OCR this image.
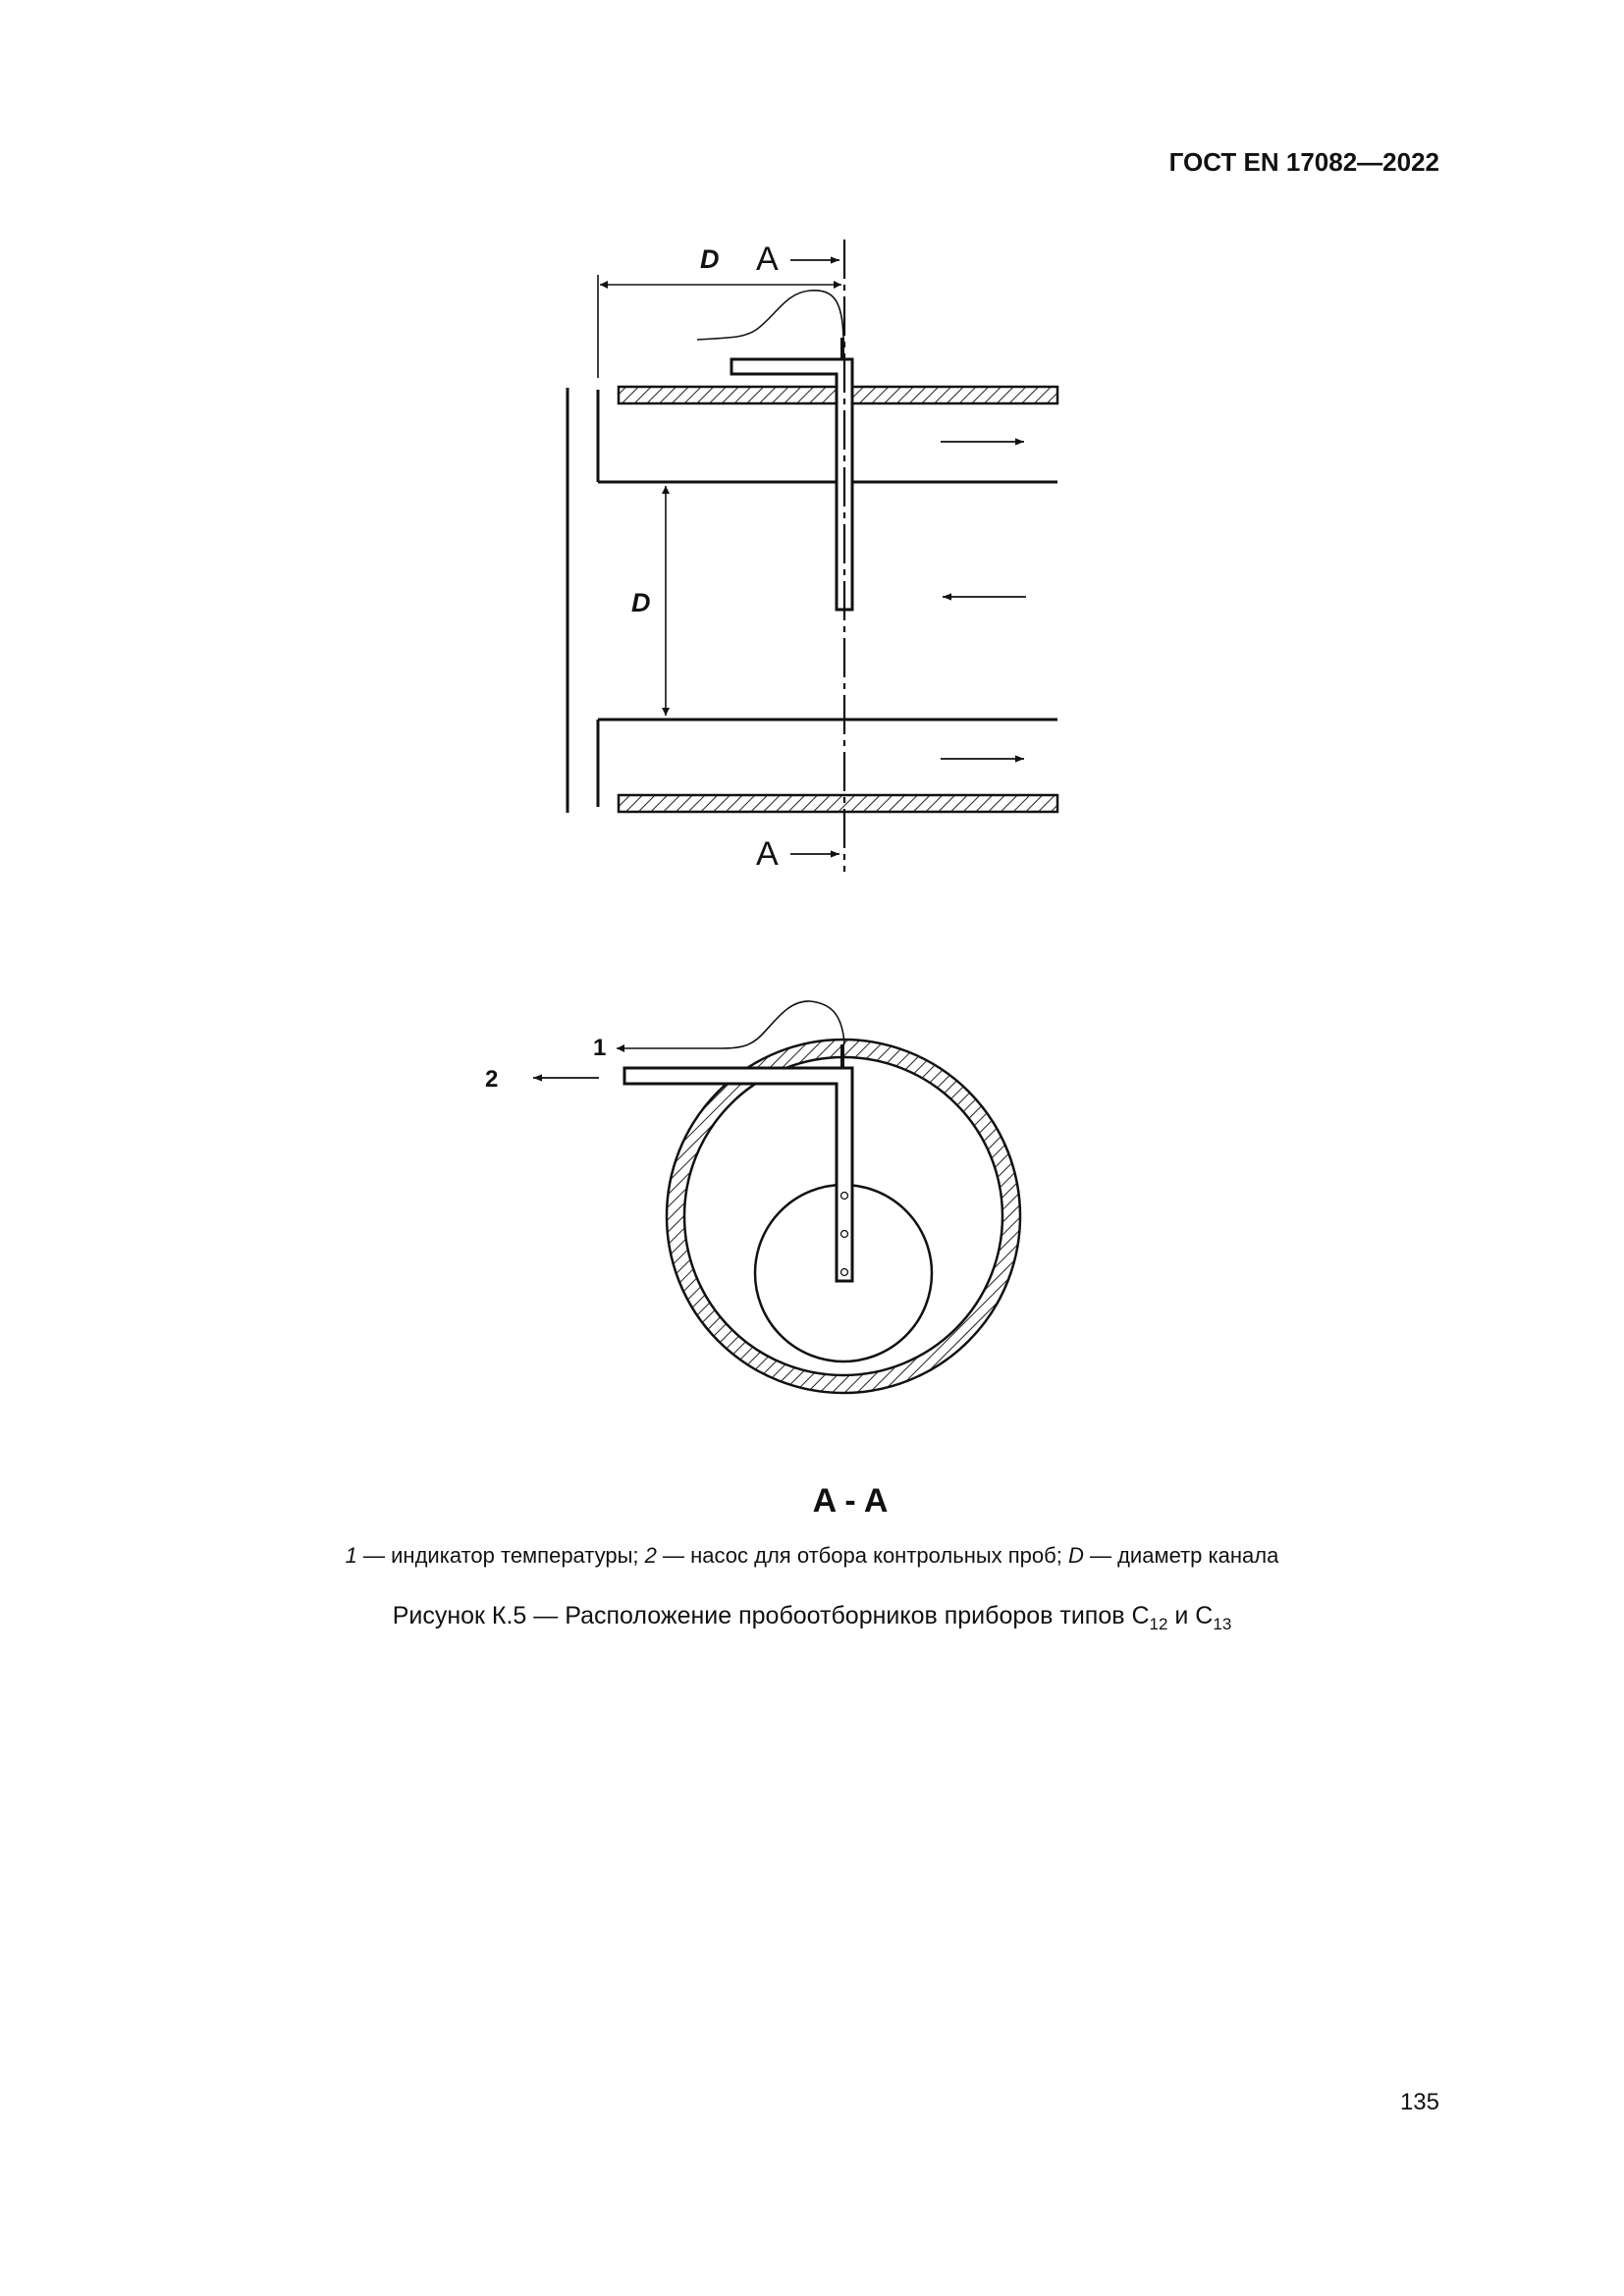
ГОСТ EN 17082—2022
D A
D
A
1
2
A - A
1 — индикатор температуры; 2 — насос для отбора контрольных проб; D — диаметр канала
Рисунок К.5 — Расположение пробоотборников приборов типов $С_{12}$ и $С_{13}$
135
